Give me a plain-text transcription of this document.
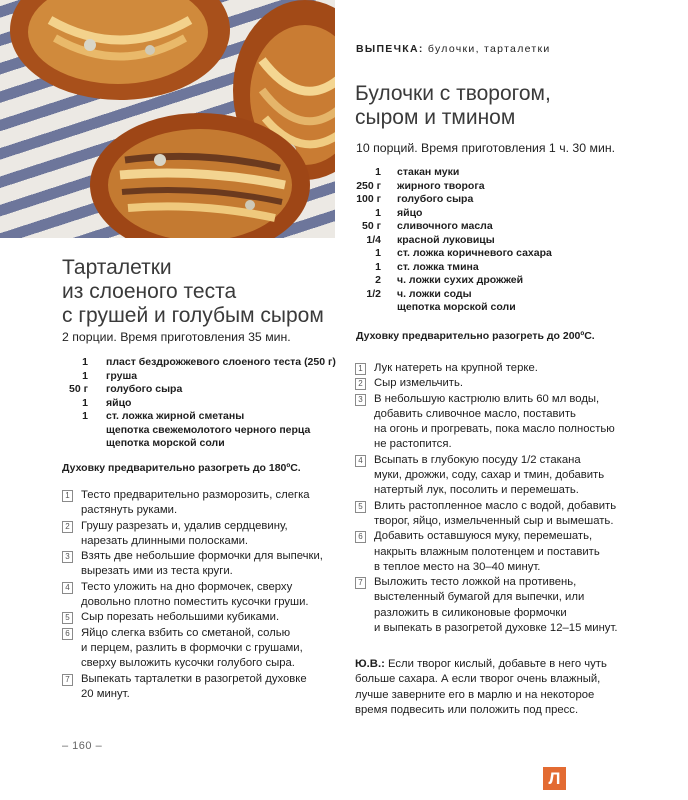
ВЫПЕЧКА: булочки, тарталетки
Булочки с творогом,
сыром и тмином
10 порций. Время приготовления 1 ч. 30 мин.
1 стакан муки
250 г жирного творога
100 г голубого сыра
1 яйцо
50 г сливочного масла
1/4 красной луковицы
1 ст. ложка коричневого сахара
1 ст. ложка тмина
2 ч. ложки сухих дрожжей
1/2 ч. ложки соды
щепотка морской соли
Духовку предварительно разогреть до 200ºС.
1 Лук натереть на крупной терке.
2 Сыр измельчить.
3 В небольшую кастрюлю влить 60 мл воды,
добавить сливочное масло, поставить
на огонь и прогревать, пока масло полностью
не растопится.
4 Всыпать в глубокую посуду 1/2 стакана
муки, дрожжи, соду, сахар и тмин, добавить
натертый лук, посолить и перемешать.
5 Влить растопленное масло с водой, добавить
творог, яйцо, измельченный сыр и вымешать.
6 Добавить оставшуюся муку, перемешать,
накрыть влажным полотенцем и поставить
в теплое место на 30–40 минут.
7 Выложить тесто ложкой на противень,
выстеленный бумагой для выпечки, или
разложить в силиконовые формочки
и выпекать в разогретой духовке 12–15 минут.
Ю.В.: Если творог кислый, добавьте в него чуть
больше сахара. А если творог очень влажный,
лучше заверните его в марлю и на некоторое
время подвесить или положить под пресс.
Тарталетки
из слоеного теста
с грушей и голубым сыром
2 порции. Время приготовления 35 мин.
1 пласт бездрожжевого слоеного теста (250 г)
1 груша
50 г голубого сыра
1 яйцо
1 ст. ложка жирной сметаны
щепотка свежемолотого черного перца
щепотка морской соли
Духовку предварительно разогреть до 180ºС.
1 Тесто предварительно разморозить, слегка
растянуть руками.
2 Грушу разрезать и, удалив сердцевину,
нарезать длинными полосками.
3 Взять две небольшие формочки для выпечки,
вырезать ими из теста круги.
4 Тесто уложить на дно формочек, сверху
довольно плотно поместить кусочки груши.
5 Сыр порезать небольшими кубиками.
6 Яйцо слегка взбить со сметаной, солью
и перцем, разлить в формочки с грушами,
сверху выложить кусочки голубого сыра.
7 Выпекать тарталетки в разогретой духовке
20 минут.
– 160 –
Л
